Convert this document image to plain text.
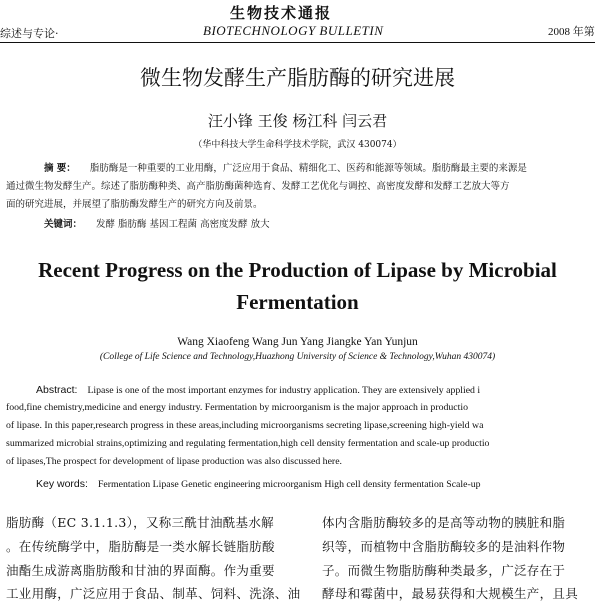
生物技术通报
综述与专论·	BIOTECHNOLOGY BULLETIN	2008 年第
微生物发酵生产脂肪酶的研究进展
汪小锋 王俊 杨江科 闫云君
（华中科技大学生命科学技术学院，武汉 430074）
摘 要： 脂肪酶是一种重要的工业用酶，广泛应用于食品、精细化工、医药和能源等领域。脂肪酶最主要的来源是
通过微生物发酵生产。综述了脂肪酶种类、高产脂肪酶菌种选育、发酵工艺优化与调控、高密度发酵和发酵工艺放大等方
面的研究进展，并展望了脂肪酶发酵生产的研究方向及前景。
关键词： 发酵 脂肪酶 基因工程菌 高密度发酵 放大
Recent Progress on the Production of Lipase by Microbial
Fermentation
Wang Xiaofeng Wang Jun Yang Jiangke Yan Yunjun
(College of Life Science and Technology,Huazhong University of Science & Technology,Wuhan 430074)
Abstract: Lipase is one of the most important enzymes for industry application. They are extensively applied i
food,fine chemistry,medicine and energy industry. Fermentation by microorganism is the major approach in productio
of lipase. In this paper,research progress in these areas,including microorganisms secreting lipase,screening high-yield wa
summarized microbial strains,optimizing and regulating fermentation,high cell density fermentation and scale-up productio
of lipases,The prospect for development of lipase production was also discussed here.
Key words: Fermentation Lipase Genetic engineering microorganism High cell density fermentation Scale-up
脂肪酶（EC 3.1.1.3），又称三酰甘油酰基水解
。在传统酶学中，脂肪酶是一类水解长链脂肪酸
油酯生成游离脂肪酸和甘油的界面酶。作为重要
工业用酶，广泛应用于食品、制革、饲料、洗涤、油
体内含脂肪酶较多的是高等动物的胰脏和脂
织等，而植物中含脂肪酶较多的是油料作物
子。而微生物脂肪酶种类最多，广泛存在于
酵母和霉菌中，最易获得和大规模生产，且具
